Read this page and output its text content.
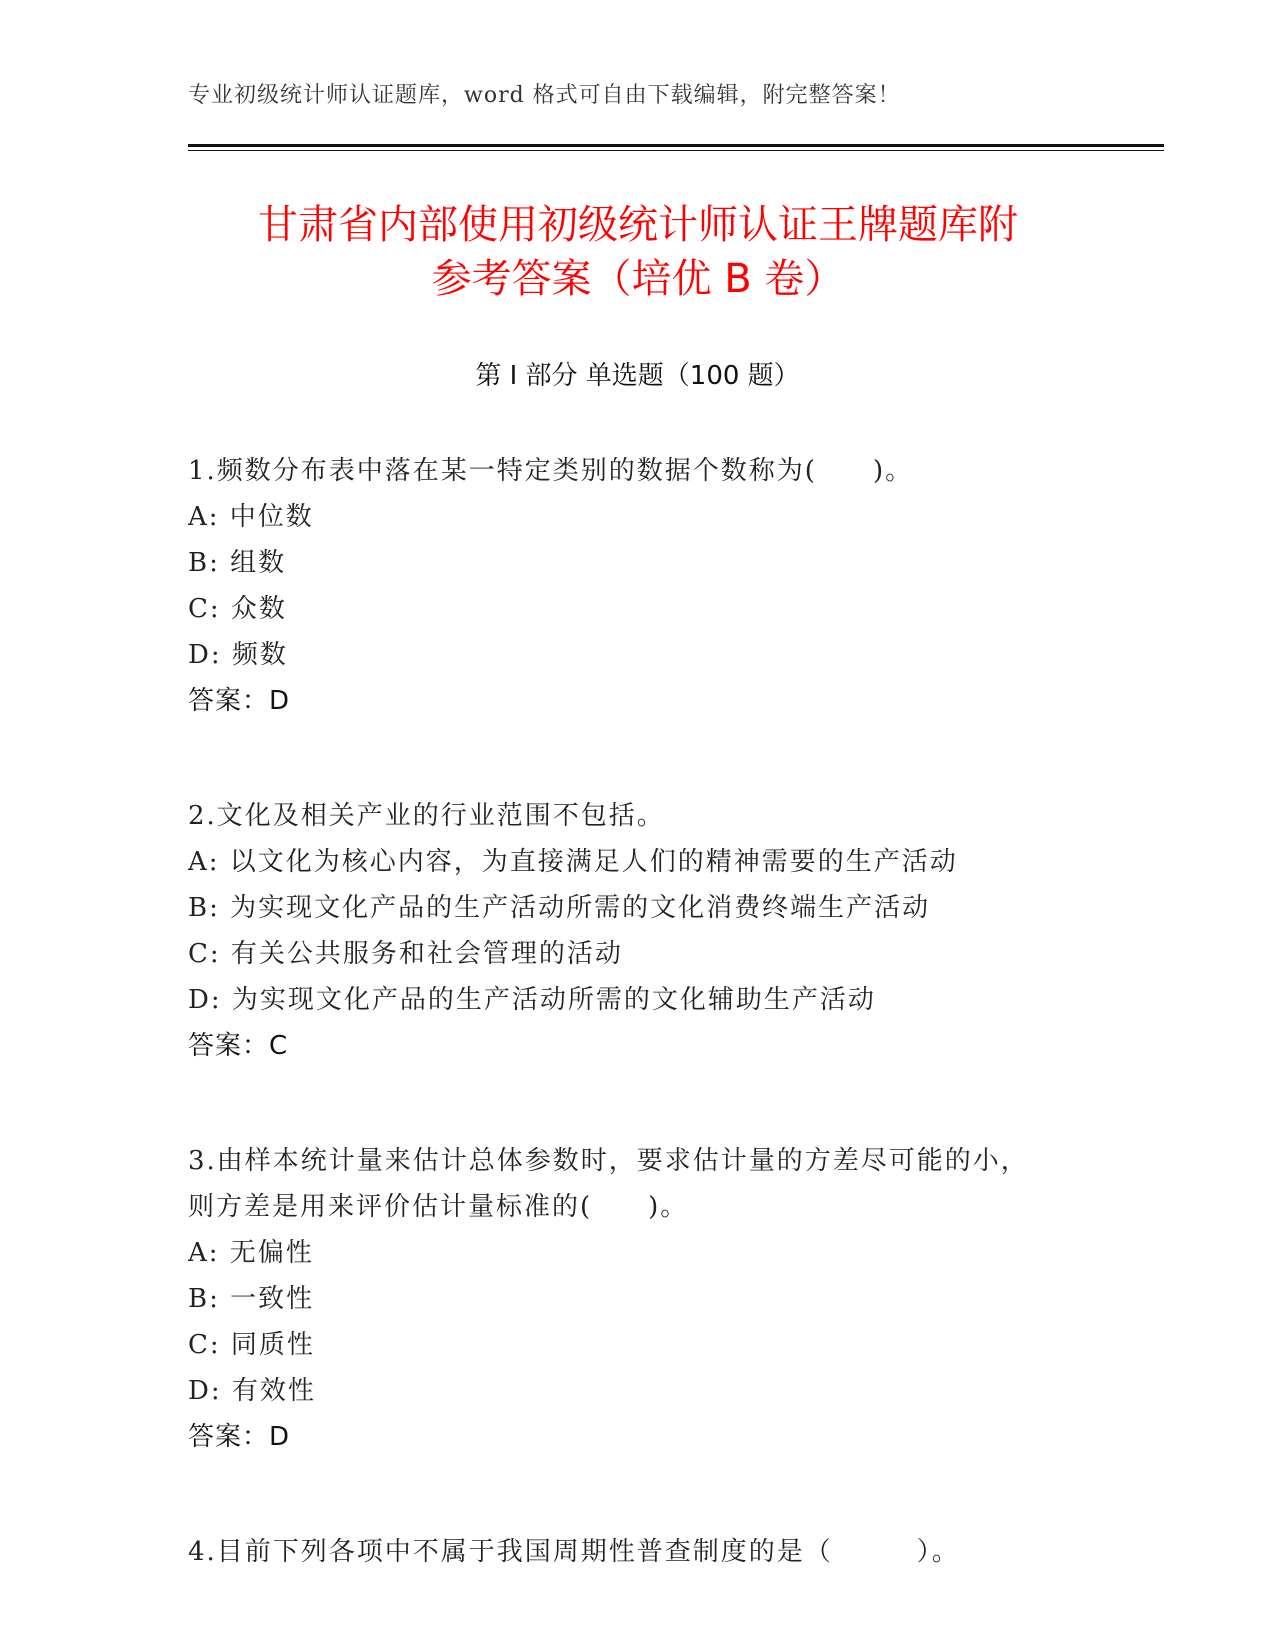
专业初级统计师认证题库，word 格式可自由下载编辑，附完整答案！
甘肃省内部使用初级统计师认证王牌题库附
参考答案（培优 B 卷）
第 I 部分 单选题（100 题）
1.频数分布表中落在某一特定类别的数据个数称为(　　)。
A: 中位数
B: 组数
C: 众数
D: 频数
答案：D
2.文化及相关产业的行业范围不包括。
A: 以文化为核心内容，为直接满足人们的精神需要的生产活动
B: 为实现文化产品的生产活动所需的文化消费终端生产活动
C: 有关公共服务和社会管理的活动
D: 为实现文化产品的生产活动所需的文化辅助生产活动
答案：C
3.由样本统计量来估计总体参数时，要求估计量的方差尽可能的小，
则方差是用来评价估计量标准的(　　)。
A: 无偏性
B: 一致性
C: 同质性
D: 有效性
答案：D
4.目前下列各项中不属于我国周期性普查制度的是（　　　）。
